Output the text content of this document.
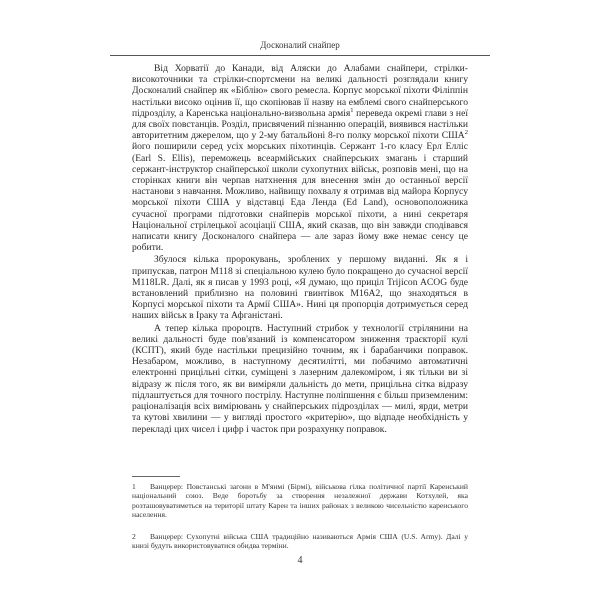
Досконалий снайпер

Від Хорватії до Канади, від Аляски до Алабами снайпери, стрілки-високоточники та стрілки-спортсмени на великі дальності розглядали книгу Досконалий снайпер як «Біблію» свого ремесла. Корпус морської піхоти Філіппін настільки високо оцінив її, що скопіював її назву на емблемі свого снайперського підрозділу, а Каренська національно-визвольна армія$^1$ переведа окремі глави з неї для своїх повстанців. Розділ, присвячений пізнанню операцій, виявився настільки авторитетним джерелом, що у 2-му батальйоні 8-го полку морської піхоти США$^2$ його поширили серед усіх морських піхотинців. Сержант 1-го класу Ерл Елліс (Earl S. Ellis), переможець всеармійських снайперських змагань і старший сержант-інструктор снайперської школи сухопутних військ, розповів мені, що на сторінках книги він черпав натхнення для внесення змін до останньої версії настанови з навчання. Можливо, найвищу похвалу я отримав від майора Корпусу морської піхоти США у відставці Еда Ленда (Ed Land), основоположника сучасної програми підготовки снайперів морської піхоти, а нині секретаря Національної стрілецької асоціації США, який сказав, що він завжди сподівався написати книгу Досконалого снайпера — але зараз йому вже немає сенсу це робити.

Збулося кілька пророкувань, зроблених у першому виданні. Як я і припускав, патрон M118 зі спеціальною кулею було покращено до сучасної версії M118LR. Далі, як я писав у 1993 році, «Я думаю, що приціл Trijicon ACOG буде встановлений приблизно на половині гвинтівок M16A2, що знаходяться в Корпусі морської піхоти та Армії США». Нині ця пропорція дотримується серед наших військ в Іраку та Афганістані.

А тепер кілька пророцтв. Наступний стрибок у технології стрілянини на великі дальності буде пов'язаний із компенсатором зниження траєкторії кулі (КСПТ), який буде настільки прецизійно точним, як і барабанчики поправок. Незабаром, можливо, в наступному десятилітті, ми побачимо автоматичні електронні прицільні сітки, суміщені з лазерним далекоміром, і як тільки ви зі відразу ж після того, як ви виміряли дальність до мети, прицільна сітка відразу підлаштується для точного пострілу. Наступне поліпшення є більш приземленим: раціоналізація всіх вимірювань у снайперських підрозділах — милі, ярди, метри та кутові хвилини — у вигляді простого «критерію», що відпаде необхідність у перекладі цих чисел і цифр і часток при розрахунку поправок.

1 Ванцерер: Повстанські загони в М'янмі (Бірмі), військова гілка політичної партії Каренський національний союз. Веде боротьбу за створення незалежної держави Котхулей, яка розташовуватиметься на території штату Карен та інших районах з великою чисельністю каренського населення.

2 Ванцерер: Сухопутні війська США традиційно називаються Армія США (U.S. Army). Далі у книзі будуть використовуватися обидва терміни.

4
